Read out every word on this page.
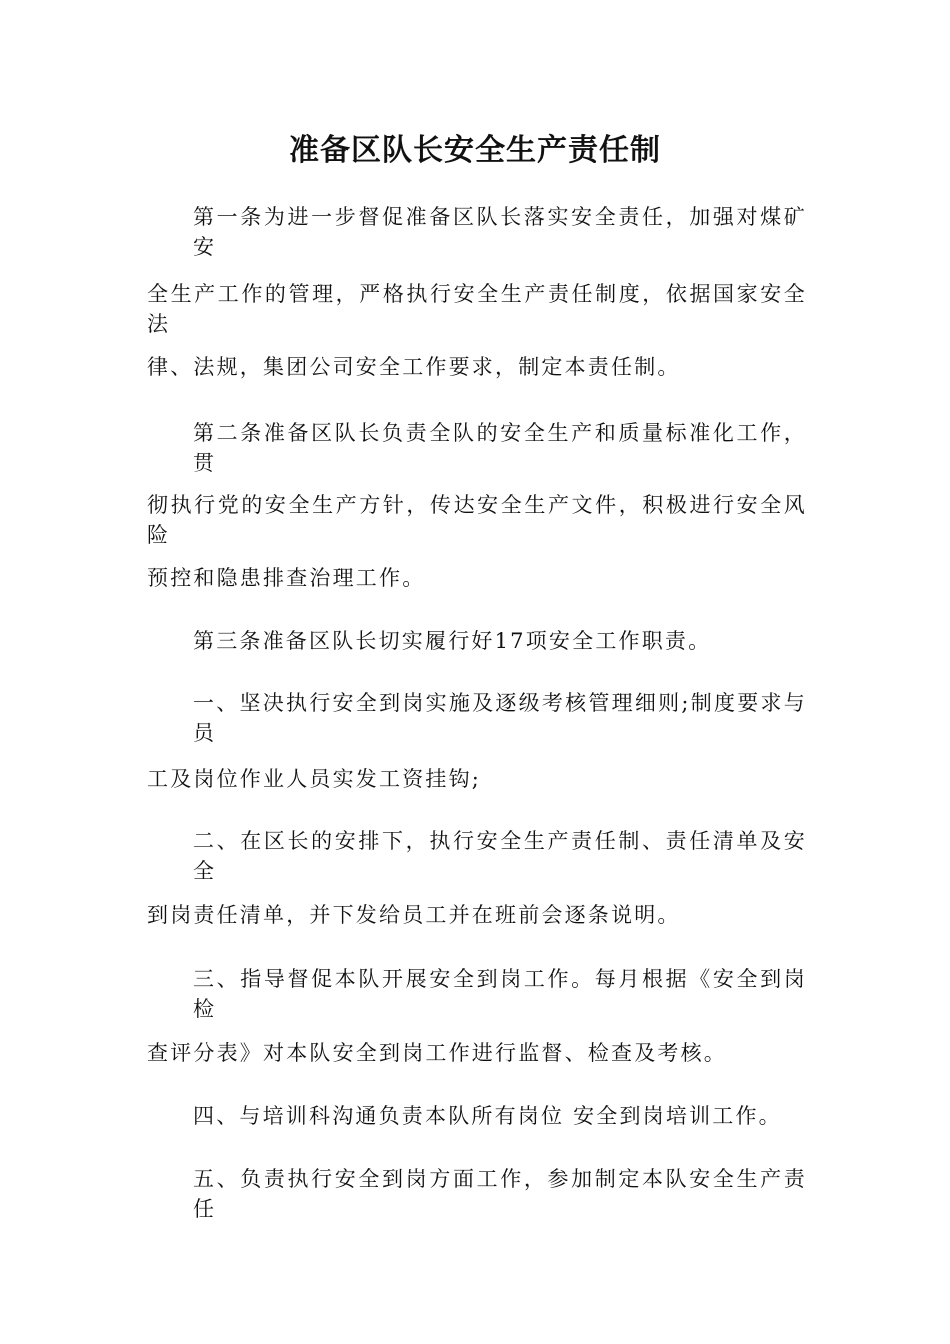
准备区队长安全生产责任制
第一条为进一步督促准备区队长落实安全责任，加强对煤矿安
全生产工作的管理，严格执行安全生产责任制度，依据国家安全法
律、法规，集团公司安全工作要求，制定本责任制。
第二条准备区队长负责全队的安全生产和质量标准化工作，贯
彻执行党的安全生产方针，传达安全生产文件，积极进行安全风险
预控和隐患排查治理工作。
第三条准备区队长切实履行好17项安全工作职责。
一、坚决执行安全到岗实施及逐级考核管理细则;制度要求与员
工及岗位作业人员实发工资挂钩;
二、在区长的安排下，执行安全生产责任制、责任清单及安全
到岗责任清单，并下发给员工并在班前会逐条说明。
三、指导督促本队开展安全到岗工作。每月根据《安全到岗检
查评分表》对本队安全到岗工作进行监督、检查及考核。
四、与培训科沟通负责本队所有岗位 安全到岗培训工作。
五、负责执行安全到岗方面工作，参加制定本队安全生产责任
